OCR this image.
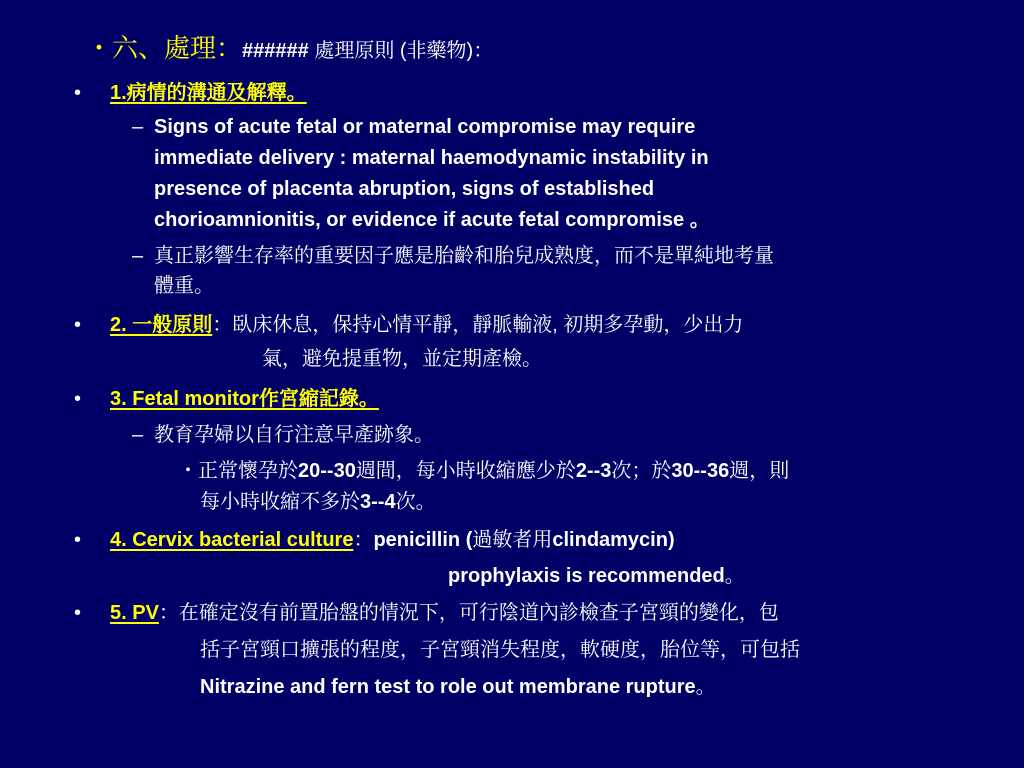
・六、處理：###### 處理原則 (非藥物)：
• 1.病情的溝通及解釋。
– Signs of acute fetal or maternal compromise may require
immediate delivery : maternal haemodynamic instability in
presence of placenta abruption, signs of established
chorioamnionitis, or evidence if acute fetal compromise 。
– 真正影響生存率的重要因子應是胎齡和胎兒成熟度，而不是單純地考量
體重。
• 2. 一般原則：臥床休息，保持心情平靜，靜脈輸液, 初期多孕動，少出力
氣，避免提重物，並定期產檢。
• 3. Fetal monitor作宮縮記錄。
– 教育孕婦以自行注意早產跡象。
・正常懷孕於20--30週間，每小時收縮應少於2--3次；於30--36週，則
每小時收縮不多於3--4次。
• 4. Cervix bacterial culture：penicillin (過敏者用clindamycin)
prophylaxis is recommended。
• 5. PV：在確定沒有前置胎盤的情況下，可行陰道內診檢查子宮頸的變化，包
括子宮頸口擴張的程度，子宮頸消失程度，軟硬度，胎位等，可包括
Nitrazine and fern test to role out membrane rupture。
